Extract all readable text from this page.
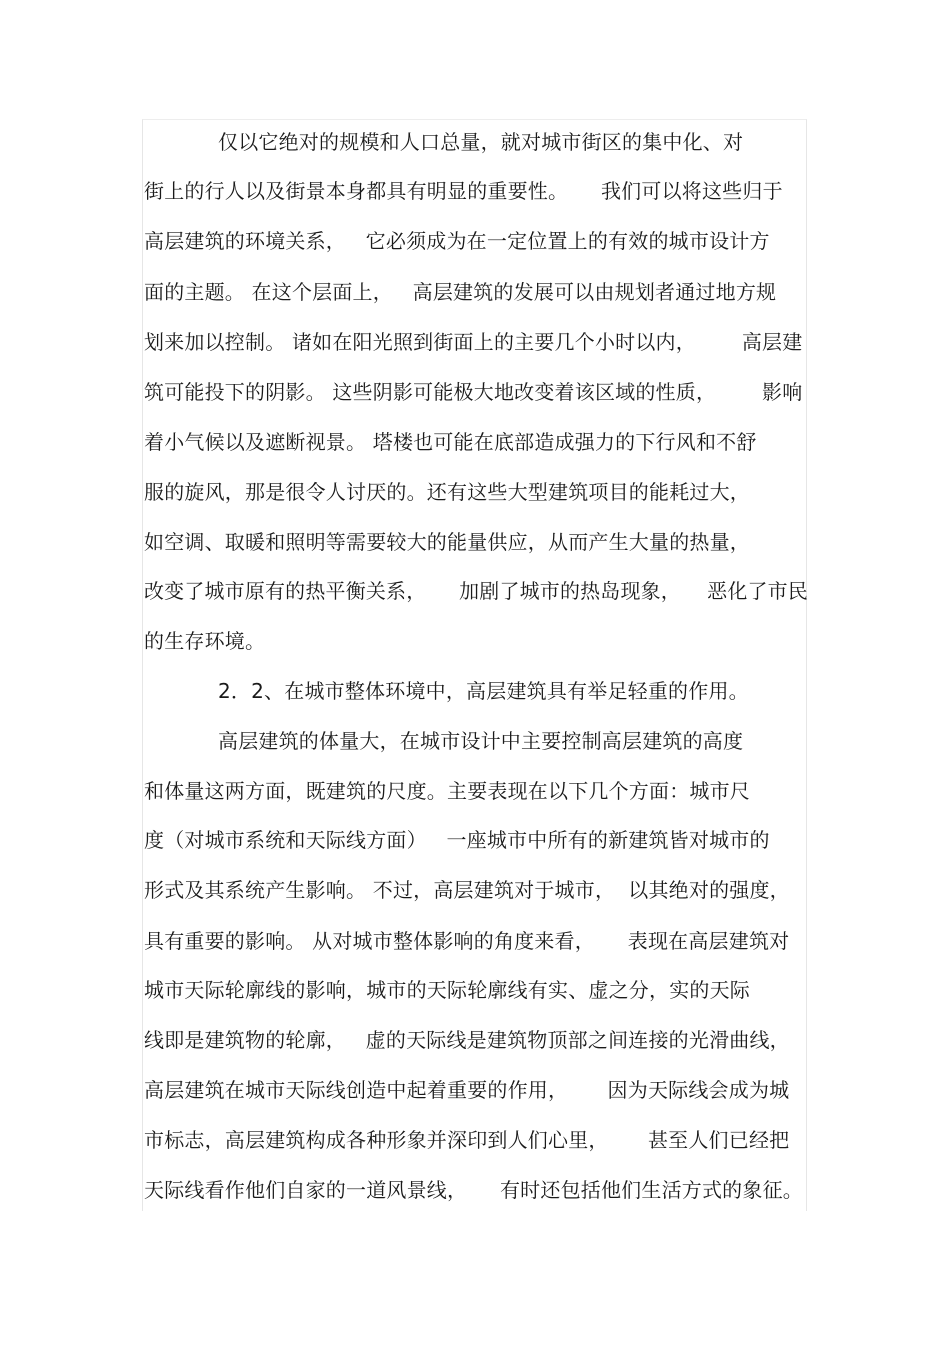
仅以它绝对的规模和人口总量，就对城市街区的集中化、对
街上的行人以及街景本身都具有明显的重要性。     我们可以将这些归于
高层建筑的环境关系，   它必须成为在一定位置上的有效的城市设计方
面的主题。 在这个层面上，   高层建筑的发展可以由规划者通过地方规
划来加以控制。 诸如在阳光照到街面上的主要几个小时以内，       高层建
筑可能投下的阴影。 这些阴影可能极大地改变着该区域的性质，       影响
着小气候以及遮断视景。 塔楼也可能在底部造成强力的下行风和不舒
服的旋风，那是很令人讨厌的。还有这些大型建筑项目的能耗过大，
如空调、取暖和照明等需要较大的能量供应，从而产生大量的热量，
改变了城市原有的热平衡关系，     加剧了城市的热岛现象，    恶化了市民
的生存环境。
2．2、在城市整体环境中，高层建筑具有举足轻重的作用。
高层建筑的体量大，在城市设计中主要控制高层建筑的高度
和体量这两方面，既建筑的尺度。主要表现在以下几个方面：城市尺
度（对城市系统和天际线方面）   一座城市中所有的新建筑皆对城市的
形式及其系统产生影响。 不过，高层建筑对于城市，  以其绝对的强度，
具有重要的影响。 从对城市整体影响的角度来看，     表现在高层建筑对
城市天际轮廓线的影响，城市的天际轮廓线有实、虚之分，实的天际
线即是建筑物的轮廓，   虚的天际线是建筑物顶部之间连接的光滑曲线，
高层建筑在城市天际线创造中起着重要的作用，      因为天际线会成为城
市标志，高层建筑构成各种形象并深印到人们心里，      甚至人们已经把
天际线看作他们自家的一道风景线，     有时还包括他们生活方式的象征。
